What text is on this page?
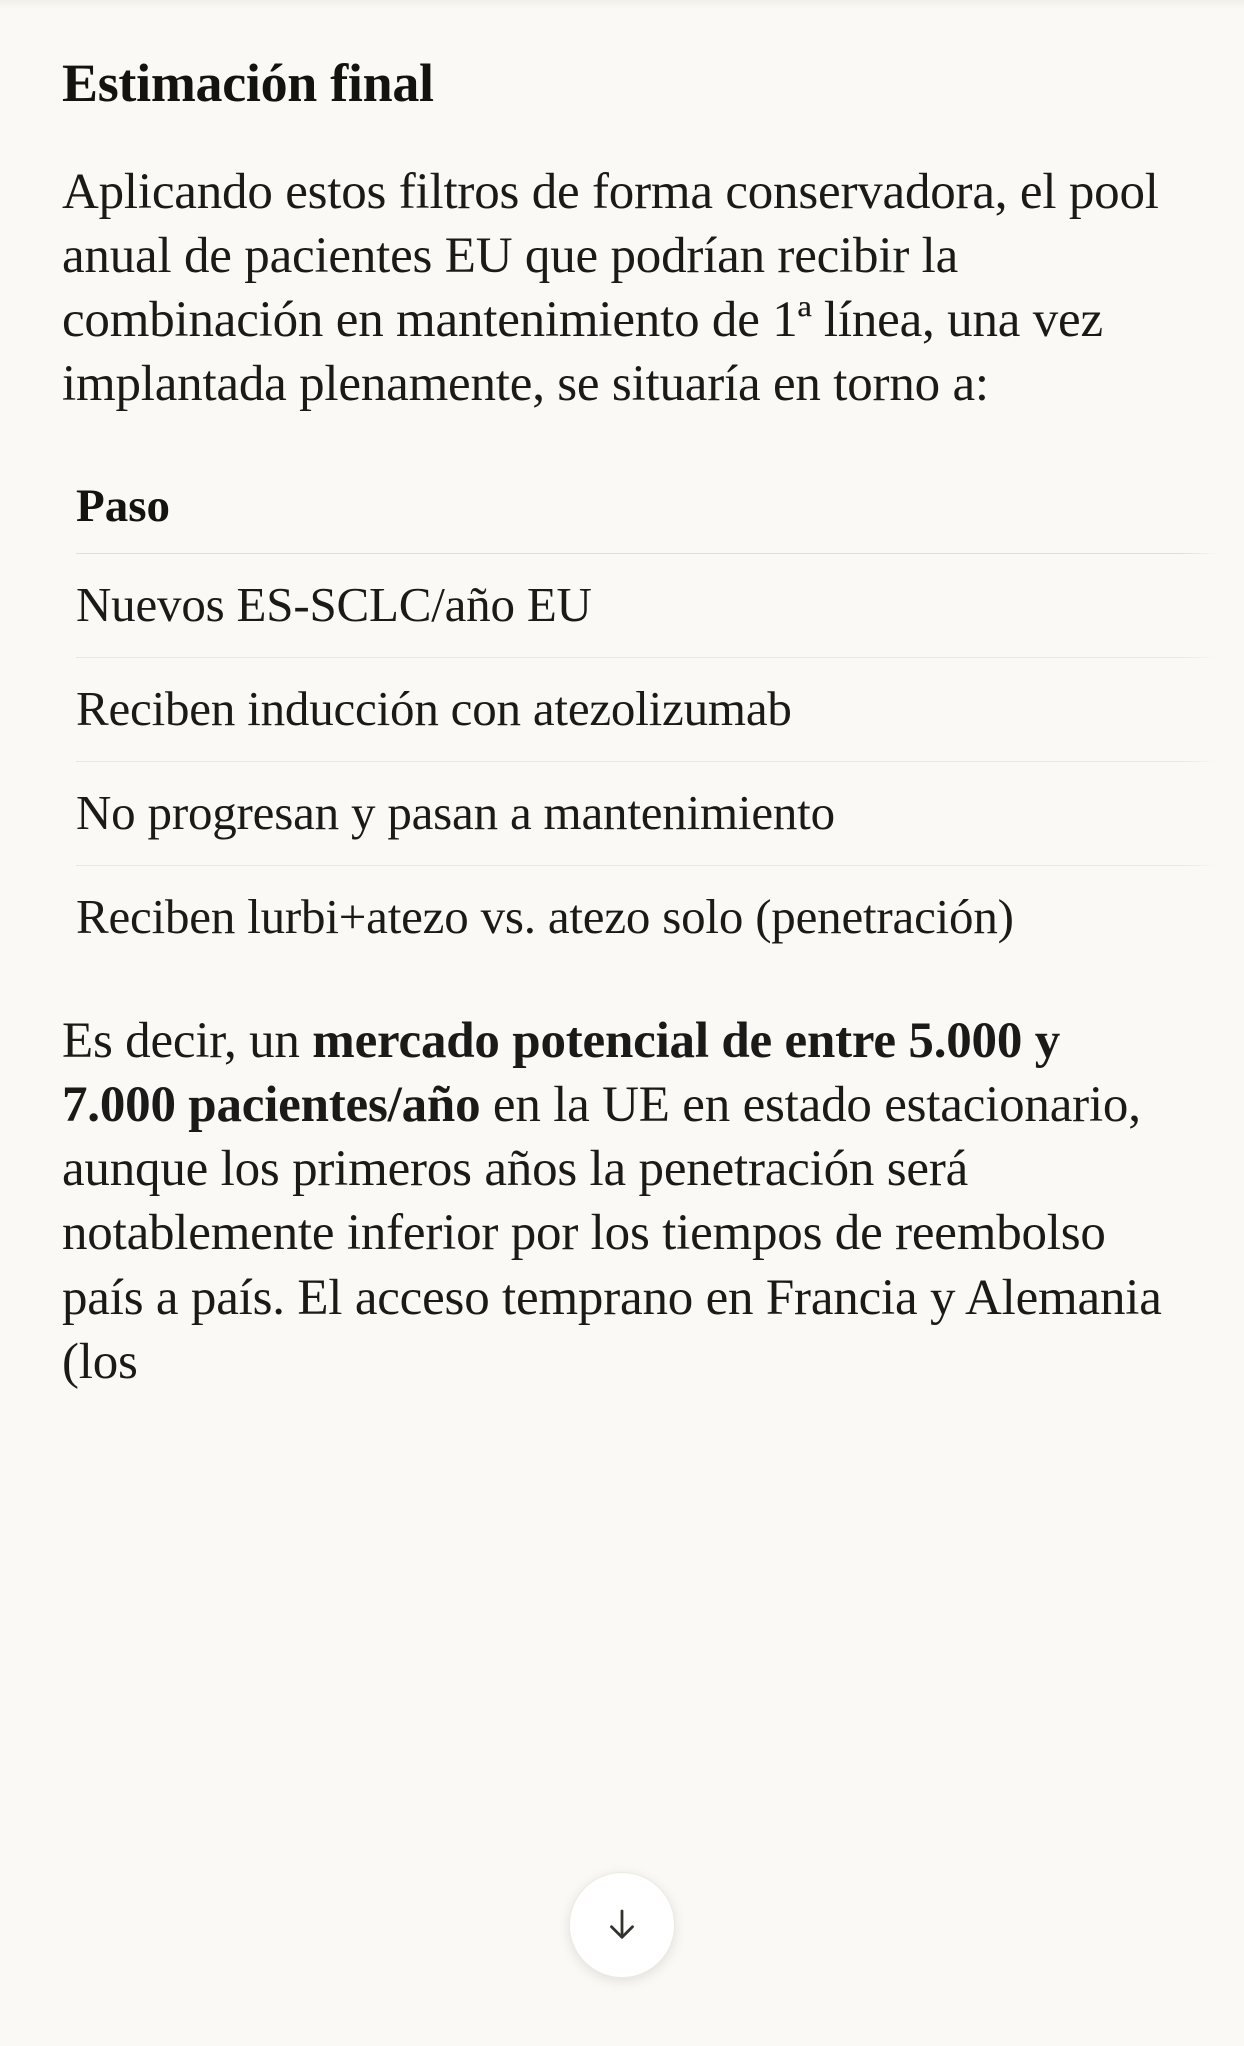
Estimación final

Aplicando estos filtros de forma conservadora, el pool anual de pacientes EU que podrían recibir la combinación en mantenimiento de 1ª línea, una vez implantada plenamente, se situaría en torno a:

Paso
Nuevos ES-SCLC/año EU
Reciben inducción con atezolizumab
No progresan y pasan a mantenimiento
Reciben lurbi+atezo vs. atezo solo (penetración)

Es decir, un mercado potencial de entre 5.000 y 7.000 pacientes/año en la UE en estado estacionario, aunque los primeros años la penetración será notablemente inferior por los tiempos de reembolso país a país. El acceso temprano en Francia y Alemania (los
